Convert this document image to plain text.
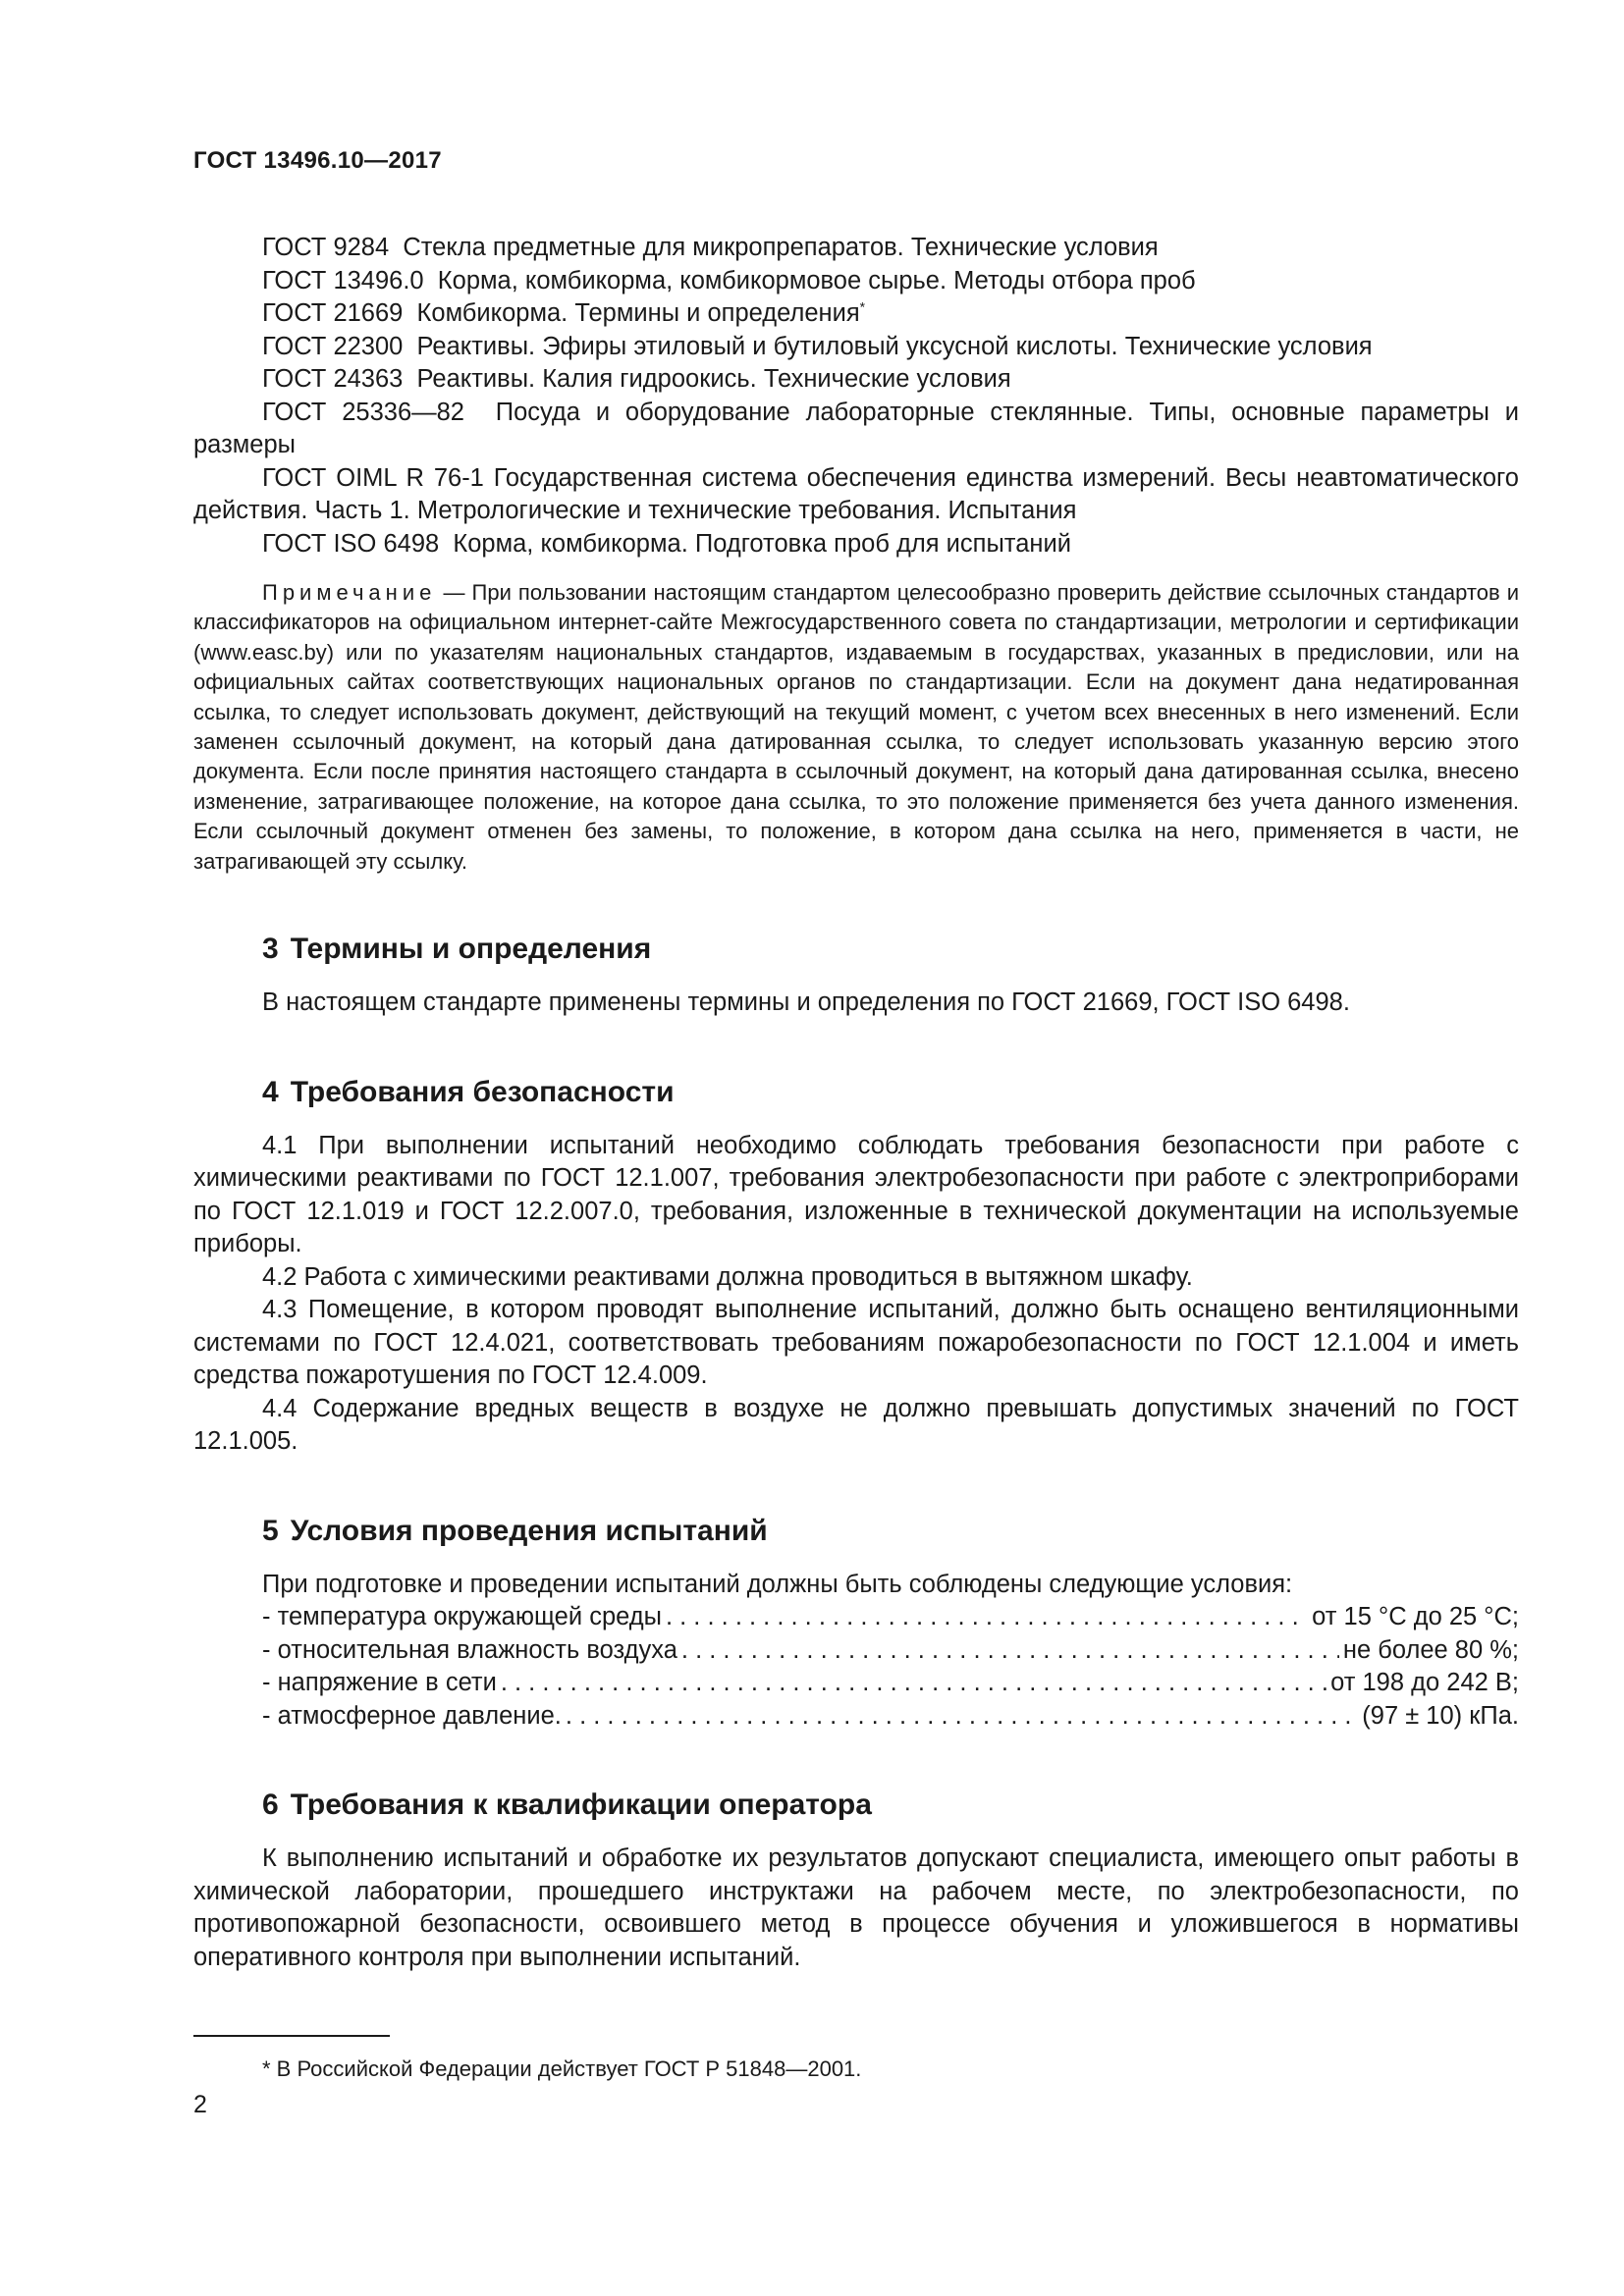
ГОСТ 13496.10—2017

ГОСТ 9284 Стекла предметные для микропрепаратов. Технические условия

ГОСТ 13496.0 Корма, комбикорма, комбикормовое сырье. Методы отбора проб

ГОСТ 21669 Комбикорма. Термины и определения*

ГОСТ 22300 Реактивы. Эфиры этиловый и бутиловый уксусной кислоты. Технические условия

ГОСТ 24363 Реактивы. Калия гидроокись. Технические условия

ГОСТ 25336—82 Посуда и оборудование лабораторные стеклянные. Типы, основные параметры и размеры

ГОСТ OIML R 76-1 Государственная система обеспечения единства измерений. Весы неавтоматического действия. Часть 1. Метрологические и технические требования. Испытания

ГОСТ ISO 6498 Корма, комбикорма. Подготовка проб для испытаний

Примечание — При пользовании настоящим стандартом целесообразно проверить действие ссылочных стандартов и классификаторов на официальном интернет-сайте Межгосударственного совета по стандартизации, метрологии и сертификации (www.easc.by) или по указателям национальных стандартов, издаваемым в государствах, указанных в предисловии, или на официальных сайтах соответствующих национальных органов по стандартизации. Если на документ дана недатированная ссылка, то следует использовать документ, действующий на текущий момент, с учетом всех внесенных в него изменений. Если заменен ссылочный документ, на который дана датированная ссылка, то следует использовать указанную версию этого документа. Если после принятия настоящего стандарта в ссылочный документ, на который дана датированная ссылка, внесено изменение, затрагивающее положение, на которое дана ссылка, то это положение применяется без учета данного изменения. Если ссылочный документ отменен без замены, то положение, в котором дана ссылка на него, применяется в части, не затрагивающей эту ссылку.

3 Термины и определения

В настоящем стандарте применены термины и определения по ГОСТ 21669, ГОСТ ISO 6498.

4 Требования безопасности

4.1 При выполнении испытаний необходимо соблюдать требования безопасности при работе с химическими реактивами по ГОСТ 12.1.007, требования электробезопасности при работе с электроприборами по ГОСТ 12.1.019 и ГОСТ 12.2.007.0, требования, изложенные в технической документации на используемые приборы.

4.2 Работа с химическими реактивами должна проводиться в вытяжном шкафу.

4.3 Помещение, в котором проводят выполнение испытаний, должно быть оснащено вентиляционными системами по ГОСТ 12.4.021, соответствовать требованиям пожаробезопасности по ГОСТ 12.1.004 и иметь средства пожаротушения по ГОСТ 12.4.009.

4.4 Содержание вредных веществ в воздухе не должно превышать допустимых значений по ГОСТ 12.1.005.

5 Условия проведения испытаний

При подготовке и проведении испытаний должны быть соблюдены следующие условия:

- температура окружающей среды . . .	от 15 °С до 25 °С;
- относительная влажность воздуха . . .	не более 80 %;
- напряжение в сети . . .	от 198 до 242 В;
- атмосферное давление. . . .	(97 ± 10) кПа.
6 Требования к квалификации оператора

К выполнению испытаний и обработке их результатов допускают специалиста, имеющего опыт работы в химической лаборатории, прошедшего инструктажи на рабочем месте, по электробезопасности, по противопожарной безопасности, освоившего метод в процессе обучения и уложившегося в нормативы оперативного контроля при выполнении испытаний.

* В Российской Федерации действует ГОСТ Р 51848—2001.

2
